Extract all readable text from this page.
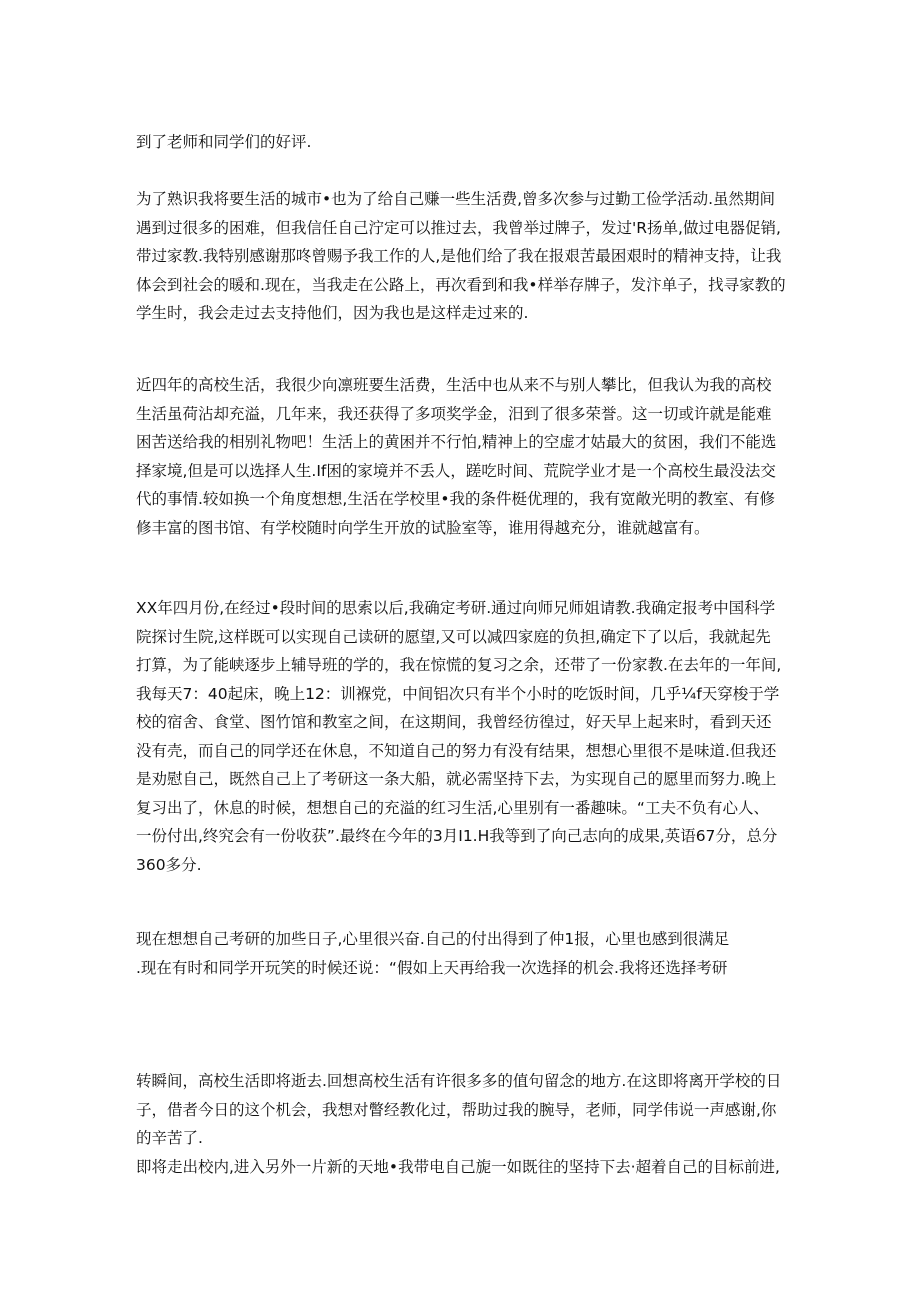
到了老师和同学们的好评.
为了熟识我将要生活的城市•也为了给自己赚一些生活费,曾多次参与过勤工俭学活动.虽然期间
遇到过很多的困难，但我信任自己泞定可以推过去，我曾举过牌子，发过'R扬单,做过电器促销,
带过家教.我特别感谢那咚曾赐予我工作的人,是他们给了我在报艰苦最困艰时的精神支持，让我
体会到社会的暖和.现在，当我走在公路上，再次看到和我•样举存牌子，发汴单子，找寻家教的
学生时，我会走过去支持他们，因为我也是这样走过来的.
近四年的高校生活，我很少向凛班要生活费，生活中也从来不与别人攀比，但我认为我的高校
生活虽荷沾却充溢，几年来，我还获得了多项奖学金，汨到了很多荣誉。这一切或许就是能难
困苦送给我的相别礼物吧！生活上的黄困并不行怕,精神上的空虚才姑最大的贫困，我们不能选
择家境,但是可以选择人生.If困的家境并不丢人，蹉吃时间、荒院学业才是一个高校生最没法交
代的事情.较如换一个角度想想,生活在学校里•我的条件梃优理的，我有宽敞光明的教室、有修
修丰富的图书馆、有学校随时向学生开放的试脸室等，谁用得越充分，谁就越富有。
XX年四月份,在经过•段时间的思索以后,我确定考研.通过向师兄师姐请教.我确定报考中国科学
院探讨生院,这样既可以实现自己读研的愿望,又可以减四家庭的负担,确定下了以后，我就起先
打算，为了能峡逐步上辅导班的学的，我在惊慌的复习之余，还带了一份家教.在去年的一年间,
我每天7：40起床，晚上12：训褓党，中间铝次只有半个小时的吃饭时间，几乎¼f天穿梭于学
校的宿舍、食堂、图竹馆和教室之间，在这期间，我曾经彷徨过，好天早上起来时，看到天还
没有壳，而自己的同学还在休息，不知道自己的努力有没有结果，想想心里很不是味道.但我还
是劝慰自己，既然自己上了考研这一条大船，就必需坚持下去，为实现自己的愿里而努力.晚上
复习出了，休息的时候，想想自己的充溢的红习生活,心里别有一番趣味。“工夫不负有心人、
一份付出,终究会有一份收获”.最终在今年的3月I1.H我等到了向己志向的成果,英语67分，总分
360多分.
现在想想自己考研的加些日子,心里很兴奋.自己的付出得到了仲1报，心里也感到很满足
.现在有时和同学开玩笑的时候还说：“假如上天再给我一次选择的机会.我将还选择考研
转瞬间，高校生活即将逝去.回想高校生活有许很多多的值句留念的地方.在这即将离开学校的日
子，借者今日的这个机会，我想对瞥经教化过，帮助过我的腕导，老师，同学伟说一声感谢,你
的辛苦了.
即将走出校内,进入另外一片新的天地•我带电自己旎一如既往的坚持下去·超着自己的目标前进,
